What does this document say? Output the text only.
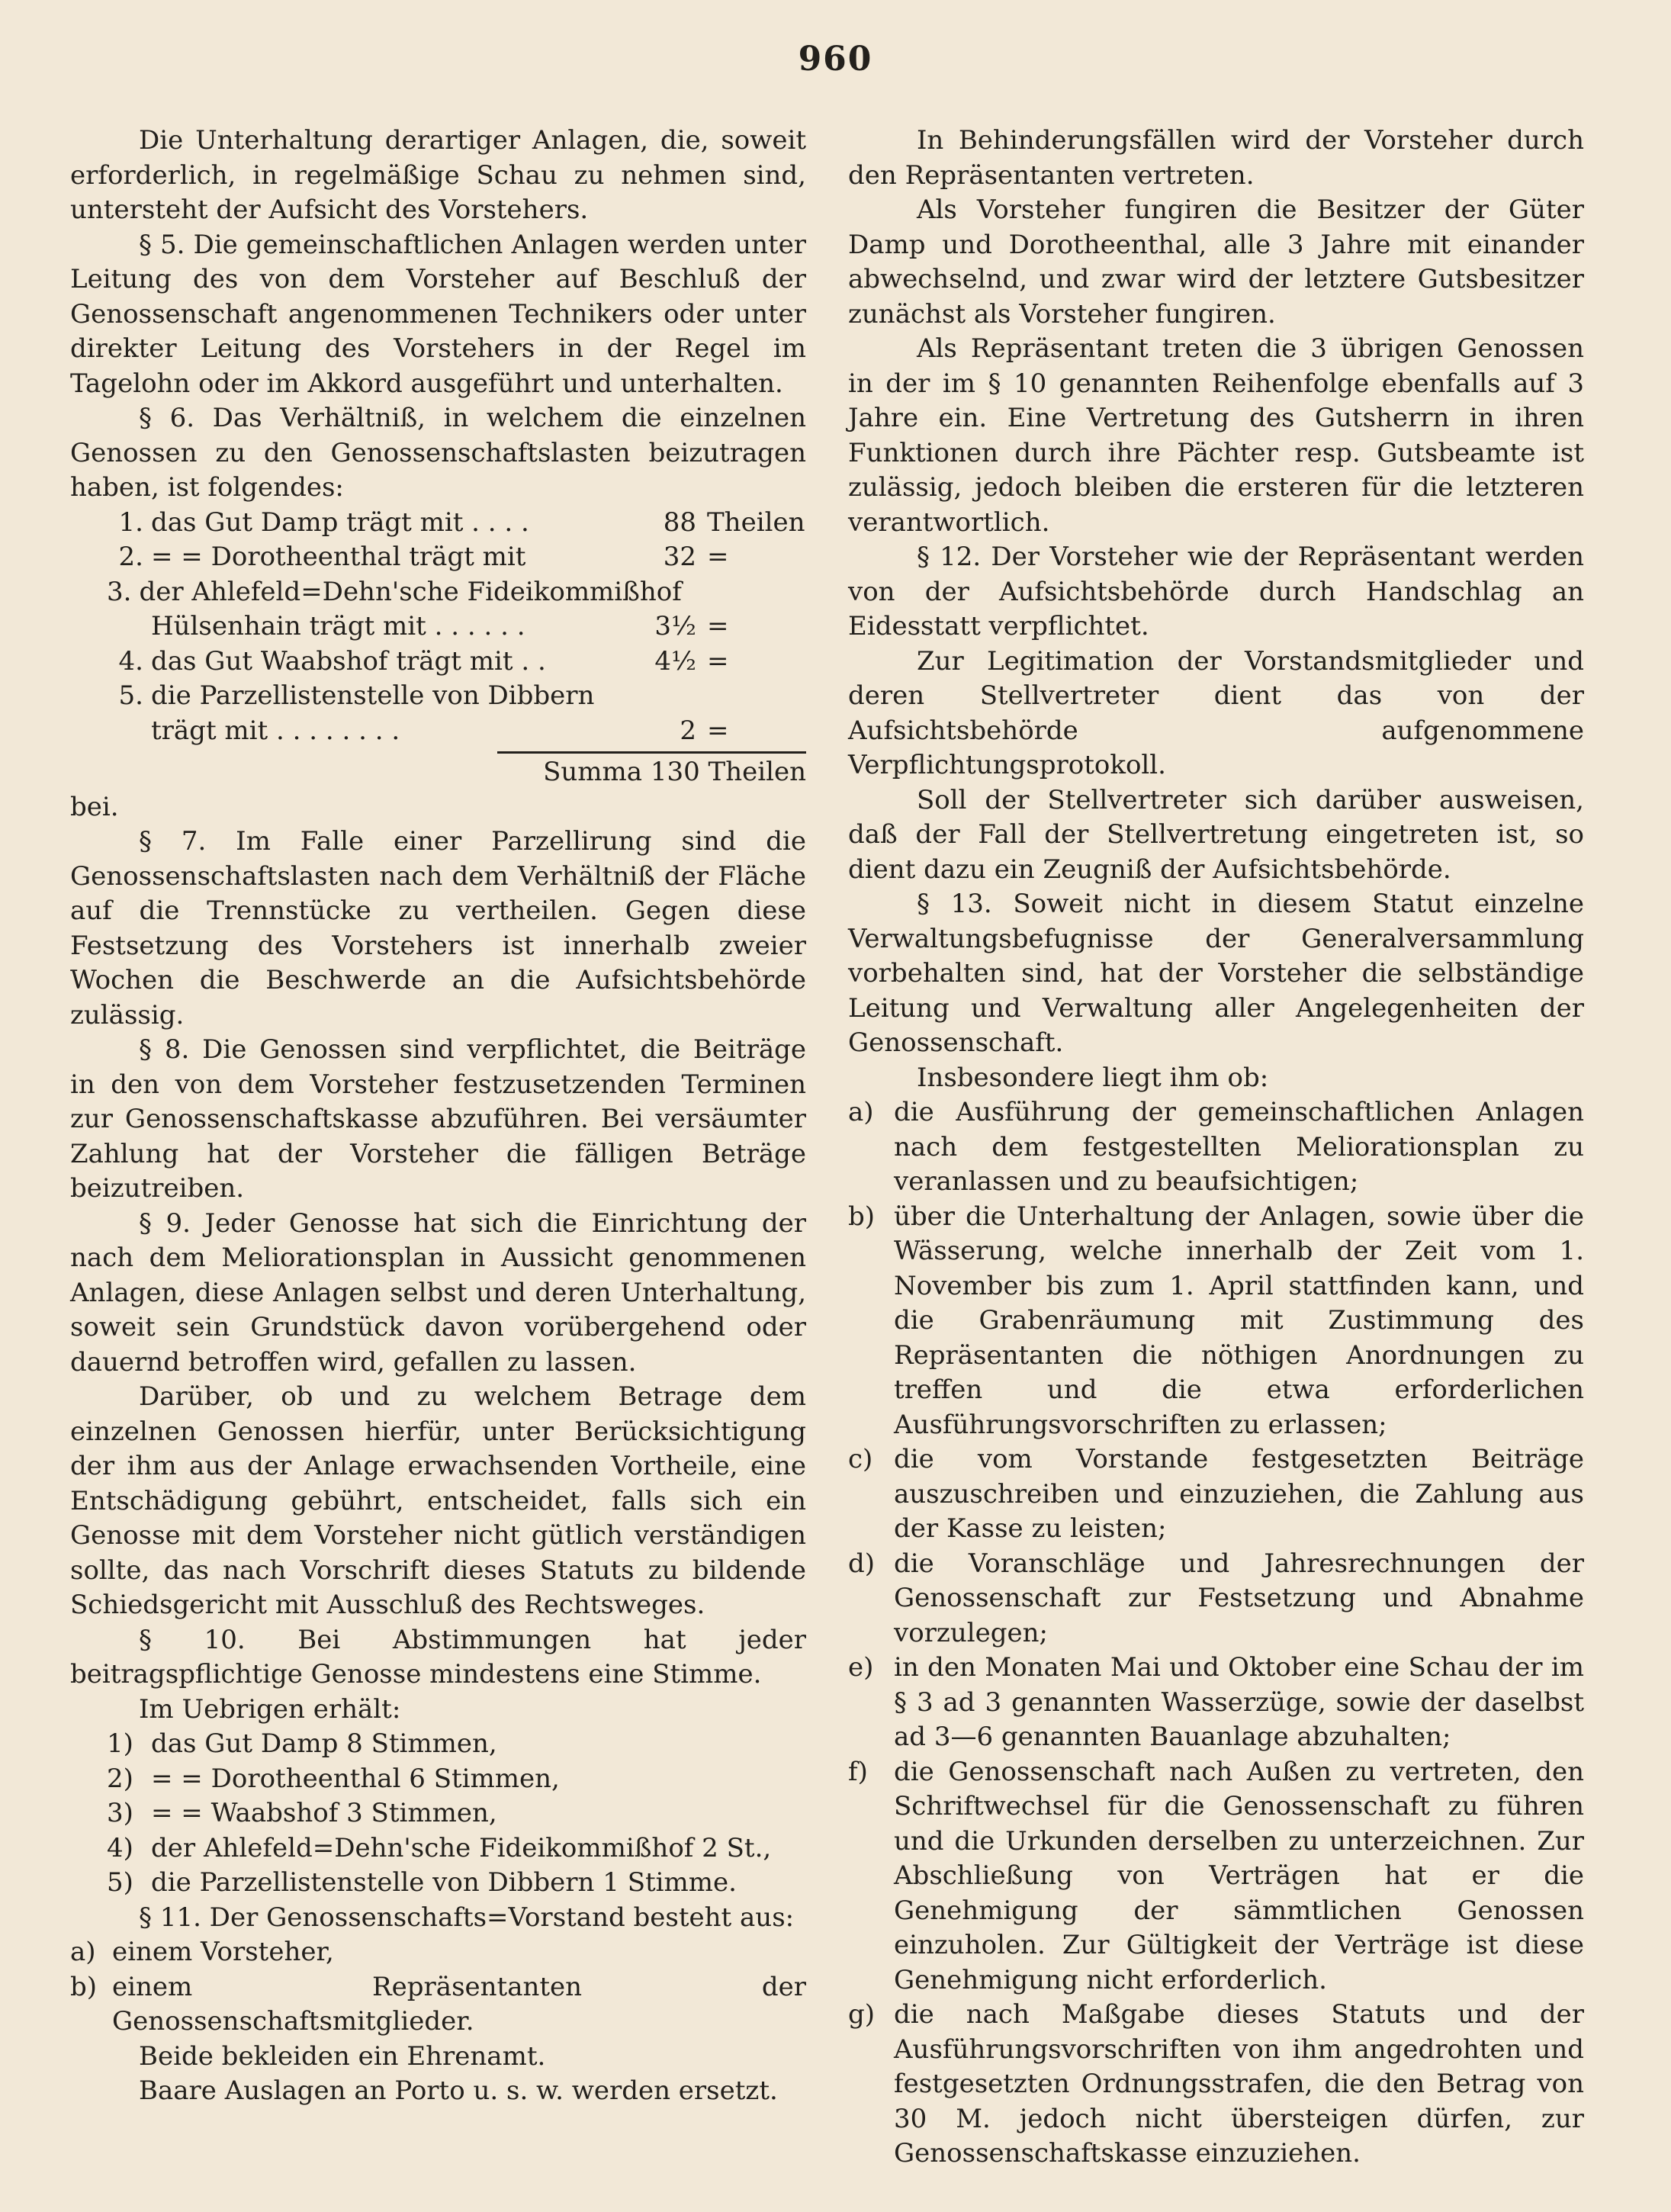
960

Die Unterhaltung derartiger Anlagen, die, soweit erforderlich, in regelmäßige Schau zu nehmen sind, untersteht der Aufsicht des Vorstehers.

§ 5. Die gemeinschaftlichen Anlagen werden unter Leitung des von dem Vorsteher auf Beschluß der Genossenschaft angenommenen Technikers oder unter direkter Leitung des Vorstehers in der Regel im Tagelohn oder im Akkord ausgeführt und unterhalten.

§ 6. Das Verhältniß, in welchem die einzelnen Genossen zu den Genossenschaftslasten beizutragen haben, ist folgendes:

1. das Gut Damp trägt mit . . . .	88 Theilen
2. = = Dorotheenthal trägt mit	32 =
3. der Ahlefeld=Dehn'sche Fideikommißhof
Hülsenhain trägt mit . . . . . .	3½ =
4. das Gut Waabshof trägt mit . .	4½ =
5. die Parzellistenstelle von Dibbern
trägt mit . . . . . . . .	2 =
Summa 130 Theilen
bei.

§ 7. Im Falle einer Parzellirung sind die Genossenschaftslasten nach dem Verhältniß der Fläche auf die Trennstücke zu vertheilen. Gegen diese Festsetzung des Vorstehers ist innerhalb zweier Wochen die Beschwerde an die Aufsichtsbehörde zulässig.

§ 8. Die Genossen sind verpflichtet, die Beiträge in den von dem Vorsteher festzusetzenden Terminen zur Genossenschaftskasse abzuführen. Bei versäumter Zahlung hat der Vorsteher die fälligen Beträge beizutreiben.

§ 9. Jeder Genosse hat sich die Einrichtung der nach dem Meliorationsplan in Aussicht genommenen Anlagen, diese Anlagen selbst und deren Unterhaltung, soweit sein Grundstück davon vorübergehend oder dauernd betroffen wird, gefallen zu lassen.

Darüber, ob und zu welchem Betrage dem einzelnen Genossen hierfür, unter Berücksichtigung der ihm aus der Anlage erwachsenden Vortheile, eine Entschädigung gebührt, entscheidet, falls sich ein Genosse mit dem Vorsteher nicht gütlich verständigen sollte, das nach Vorschrift dieses Statuts zu bildende Schiedsgericht mit Ausschluß des Rechtsweges.

§ 10. Bei Abstimmungen hat jeder beitragspflichtige Genosse mindestens eine Stimme.

Im Uebrigen erhält:

1) das Gut Damp 8 Stimmen,
2) = = Dorotheenthal 6 Stimmen,
3) = = Waabshof 3 Stimmen,
4) der Ahlefeld=Dehn'sche Fideikommißhof 2 St.,
5) die Parzellistenstelle von Dibbern 1 Stimme.

§ 11. Der Genossenschafts=Vorstand besteht aus:

a) einem Vorsteher,
b) einem Repräsentanten der Genossenschaftsmitglieder.

Beide bekleiden ein Ehrenamt.

Baare Auslagen an Porto u. s. w. werden ersetzt.

In Behinderungsfällen wird der Vorsteher durch den Repräsentanten vertreten.

Als Vorsteher fungiren die Besitzer der Güter Damp und Dorotheenthal, alle 3 Jahre mit einander abwechselnd, und zwar wird der letztere Gutsbesitzer zunächst als Vorsteher fungiren.

Als Repräsentant treten die 3 übrigen Genossen in der im § 10 genannten Reihenfolge ebenfalls auf 3 Jahre ein. Eine Vertretung des Gutsherrn in ihren Funktionen durch ihre Pächter resp. Gutsbeamte ist zulässig, jedoch bleiben die ersteren für die letzteren verantwortlich.

§ 12. Der Vorsteher wie der Repräsentant werden von der Aufsichtsbehörde durch Handschlag an Eidesstatt verpflichtet.

Zur Legitimation der Vorstandsmitglieder und deren Stellvertreter dient das von der Aufsichtsbehörde aufgenommene Verpflichtungsprotokoll.

Soll der Stellvertreter sich darüber ausweisen, daß der Fall der Stellvertretung eingetreten ist, so dient dazu ein Zeugniß der Aufsichtsbehörde.

§ 13. Soweit nicht in diesem Statut einzelne Verwaltungsbefugnisse der Generalversammlung vorbehalten sind, hat der Vorsteher die selbständige Leitung und Verwaltung aller Angelegenheiten der Genossenschaft.

Insbesondere liegt ihm ob:

a) die Ausführung der gemeinschaftlichen Anlagen nach dem festgestellten Meliorationsplan zu veranlassen und zu beaufsichtigen;
b) über die Unterhaltung der Anlagen, sowie über die Wässerung, welche innerhalb der Zeit vom 1. November bis zum 1. April stattfinden kann, und die Grabenräumung mit Zustimmung des Repräsentanten die nöthigen Anordnungen zu treffen und die etwa erforderlichen Ausführungsvorschriften zu erlassen;
c) die vom Vorstande festgesetzten Beiträge auszuschreiben und einzuziehen, die Zahlung aus der Kasse zu leisten;
d) die Voranschläge und Jahresrechnungen der Genossenschaft zur Festsetzung und Abnahme vorzulegen;
e) in den Monaten Mai und Oktober eine Schau der im § 3 ad 3 genannten Wasserzüge, sowie der daselbst ad 3—6 genannten Bauanlage abzuhalten;
f) die Genossenschaft nach Außen zu vertreten, den Schriftwechsel für die Genossenschaft zu führen und die Urkunden derselben zu unterzeichnen. Zur Abschließung von Verträgen hat er die Genehmigung der sämmtlichen Genossen einzuholen. Zur Gültigkeit der Verträge ist diese Genehmigung nicht erforderlich.
g) die nach Maßgabe dieses Statuts und der Ausführungsvorschriften von ihm angedrohten und festgesetzten Ordnungsstrafen, die den Betrag von 30 M. jedoch nicht übersteigen dürfen, zur Genossenschaftskasse einzuziehen.
